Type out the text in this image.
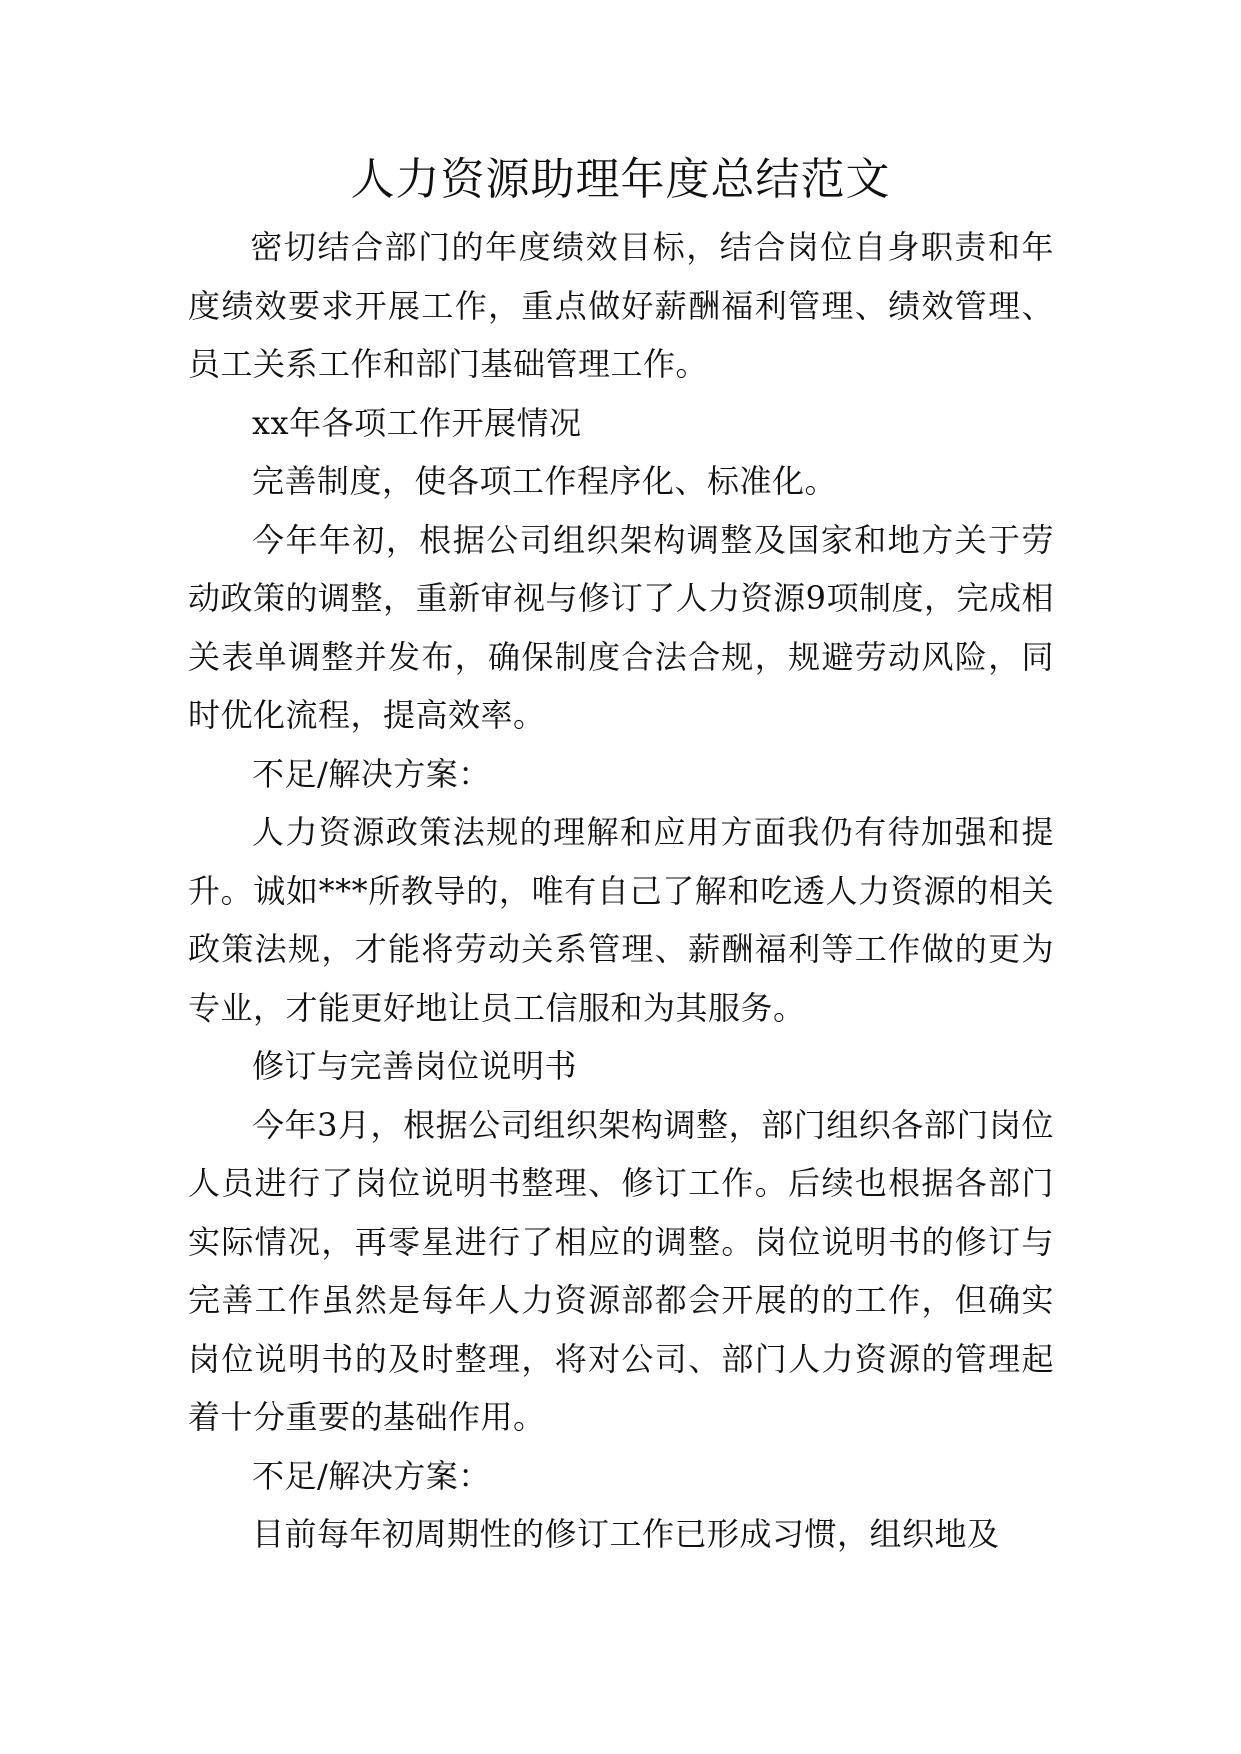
人力资源助理年度总结范文

密切结合部门的年度绩效目标，结合岗位自身职责和年度绩效要求开展工作，重点做好薪酬福利管理、绩效管理、员工关系工作和部门基础管理工作。

xx年各项工作开展情况

完善制度，使各项工作程序化、标准化。

今年年初，根据公司组织架构调整及国家和地方关于劳动政策的调整，重新审视与修订了人力资源9项制度，完成相关表单调整并发布，确保制度合法合规，规避劳动风险，同时优化流程，提高效率。

不足/解决方案：

人力资源政策法规的理解和应用方面我仍有待加强和提升。诚如***所教导的，唯有自己了解和吃透人力资源的相关政策法规，才能将劳动关系管理、薪酬福利等工作做的更为专业，才能更好地让员工信服和为其服务。

修订与完善岗位说明书

今年3月，根据公司组织架构调整，部门组织各部门岗位人员进行了岗位说明书整理、修订工作。后续也根据各部门实际情况，再零星进行了相应的调整。岗位说明书的修订与完善工作虽然是每年人力资源部都会开展的的工作，但确实岗位说明书的及时整理，将对公司、部门人力资源的管理起着十分重要的基础作用。

不足/解决方案：

目前每年初周期性的修订工作已形成习惯，组织地及
